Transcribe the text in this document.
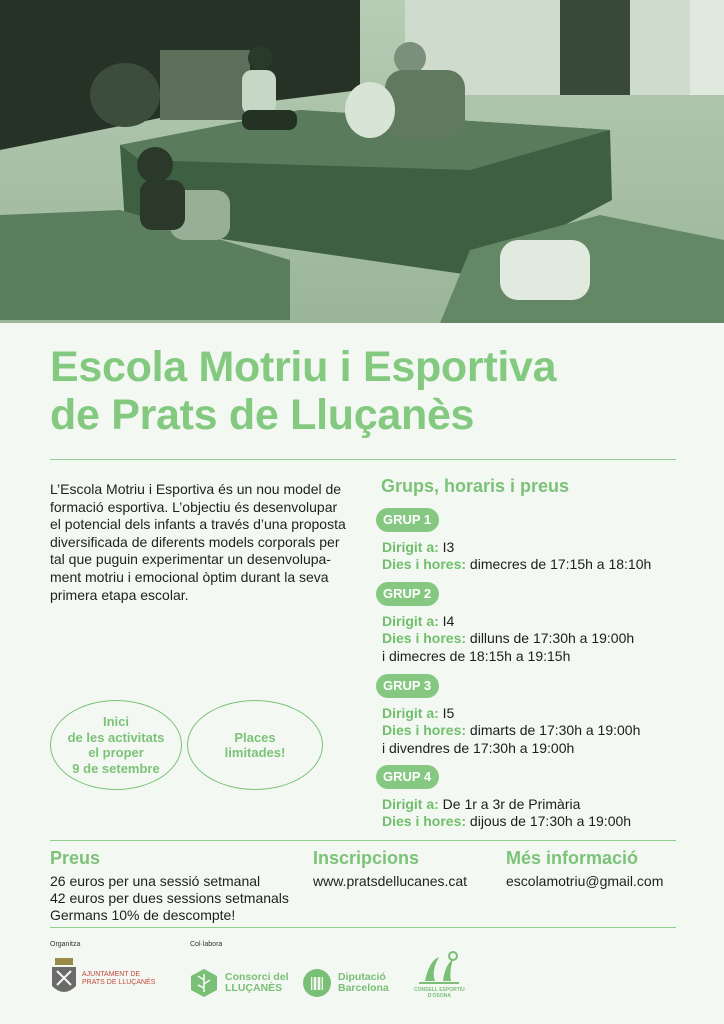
Escola Motriu i Esportiva
de Prats de Lluçanès
L’Escola Motriu i Esportiva és un nou model de
formació esportiva. L’objectiu és desenvolupar
el potencial dels infants a través d’una proposta
diversificada de diferents models corporals per
tal que puguin experimentar un desenvolupa-
ment motriu i emocional òptim durant la seva
primera etapa escolar.
Inici
de les activitats
el proper
9 de setembre
Places
limitades!
Grups, horaris i preus
GRUP 1
Dirigit a: I3
Dies i hores: dimecres de 17:15h a 18:10h
GRUP 2
Dirigit a: I4
Dies i hores: dilluns de 17:30h a 19:00h
i dimecres de 18:15h a 19:15h
GRUP 3
Dirigit a: I5
Dies i hores: dimarts de 17:30h a 19:00h
i divendres de 17:30h a 19:00h
GRUP 4
Dirigit a: De 1r a 3r de Primària
Dies i hores: dijous de 17:30h a 19:00h
Preus
26 euros per una sessió setmanal
42 euros per dues sessions setmanals
Germans 10% de descompte!
Inscripcions
www.pratsdellucanes.cat
Més informació
escolamotriu@gmail.com
Organitza	Col·labora
AJUNTAMENT DE
PRATS DE LLUÇANÈS	Consorci del
LLUÇANÈS
Diputació
Barcelona	CONSELL ESPORTIU
D'OSONA
